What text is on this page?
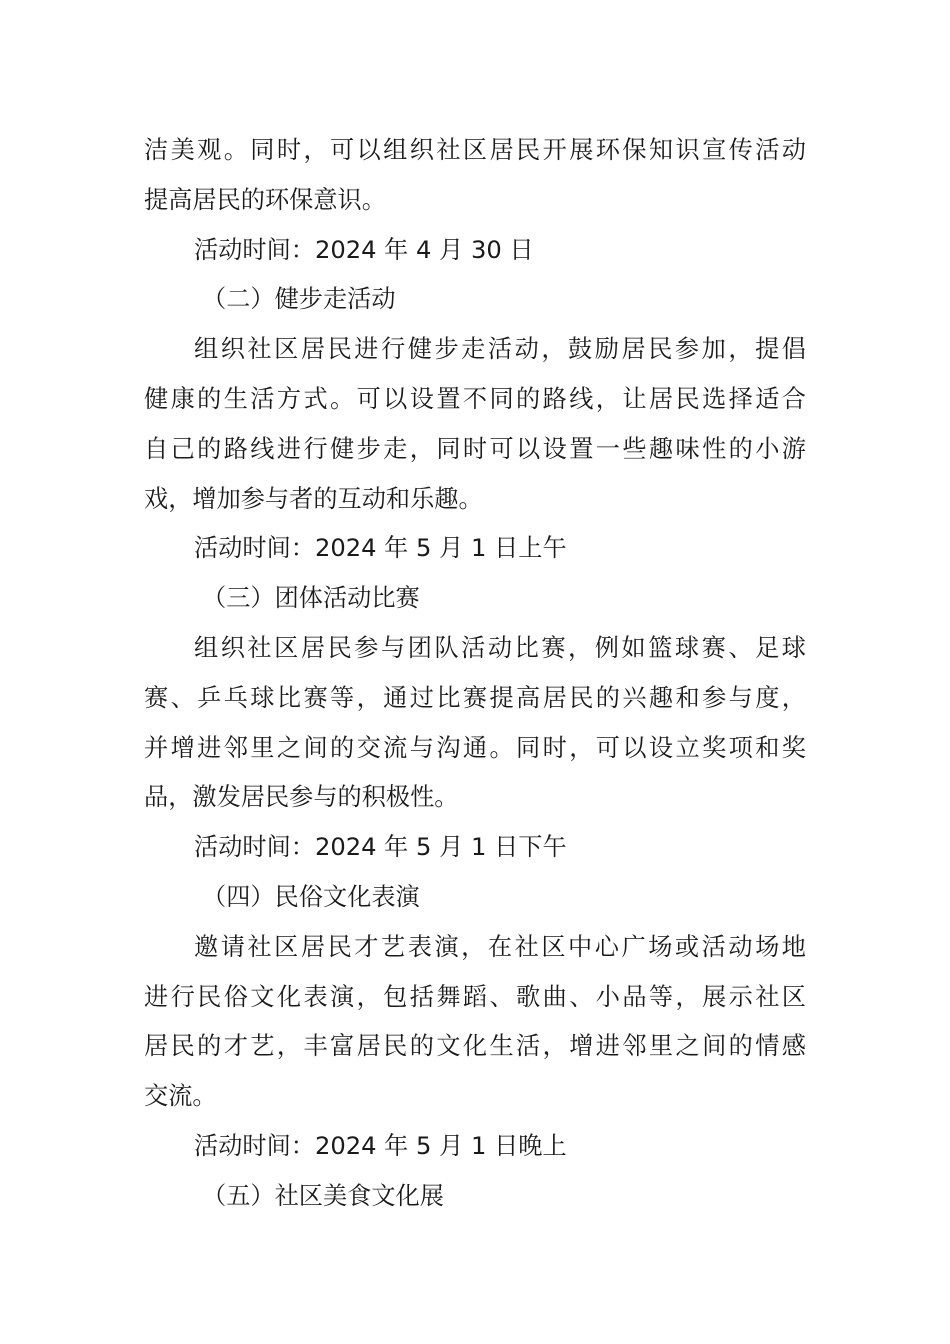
洁美观。同时，可以组织社区居民开展环保知识宣传活动
提高居民的环保意识。
活动时间：2024 年 4 月 30 日
（二）健步走活动
组织社区居民进行健步走活动，鼓励居民参加，提倡
健康的生活方式。可以设置不同的路线，让居民选择适合
自己的路线进行健步走，同时可以设置一些趣味性的小游
戏，增加参与者的互动和乐趣。
活动时间：2024 年 5 月 1 日上午
（三）团体活动比赛
组织社区居民参与团队活动比赛，例如篮球赛、足球
赛、乒乓球比赛等，通过比赛提高居民的兴趣和参与度，
并增进邻里之间的交流与沟通。同时，可以设立奖项和奖
品，激发居民参与的积极性。
活动时间：2024 年 5 月 1 日下午
（四）民俗文化表演
邀请社区居民才艺表演，在社区中心广场或活动场地
进行民俗文化表演，包括舞蹈、歌曲、小品等，展示社区
居民的才艺，丰富居民的文化生活，增进邻里之间的情感
交流。
活动时间：2024 年 5 月 1 日晚上
（五）社区美食文化展
